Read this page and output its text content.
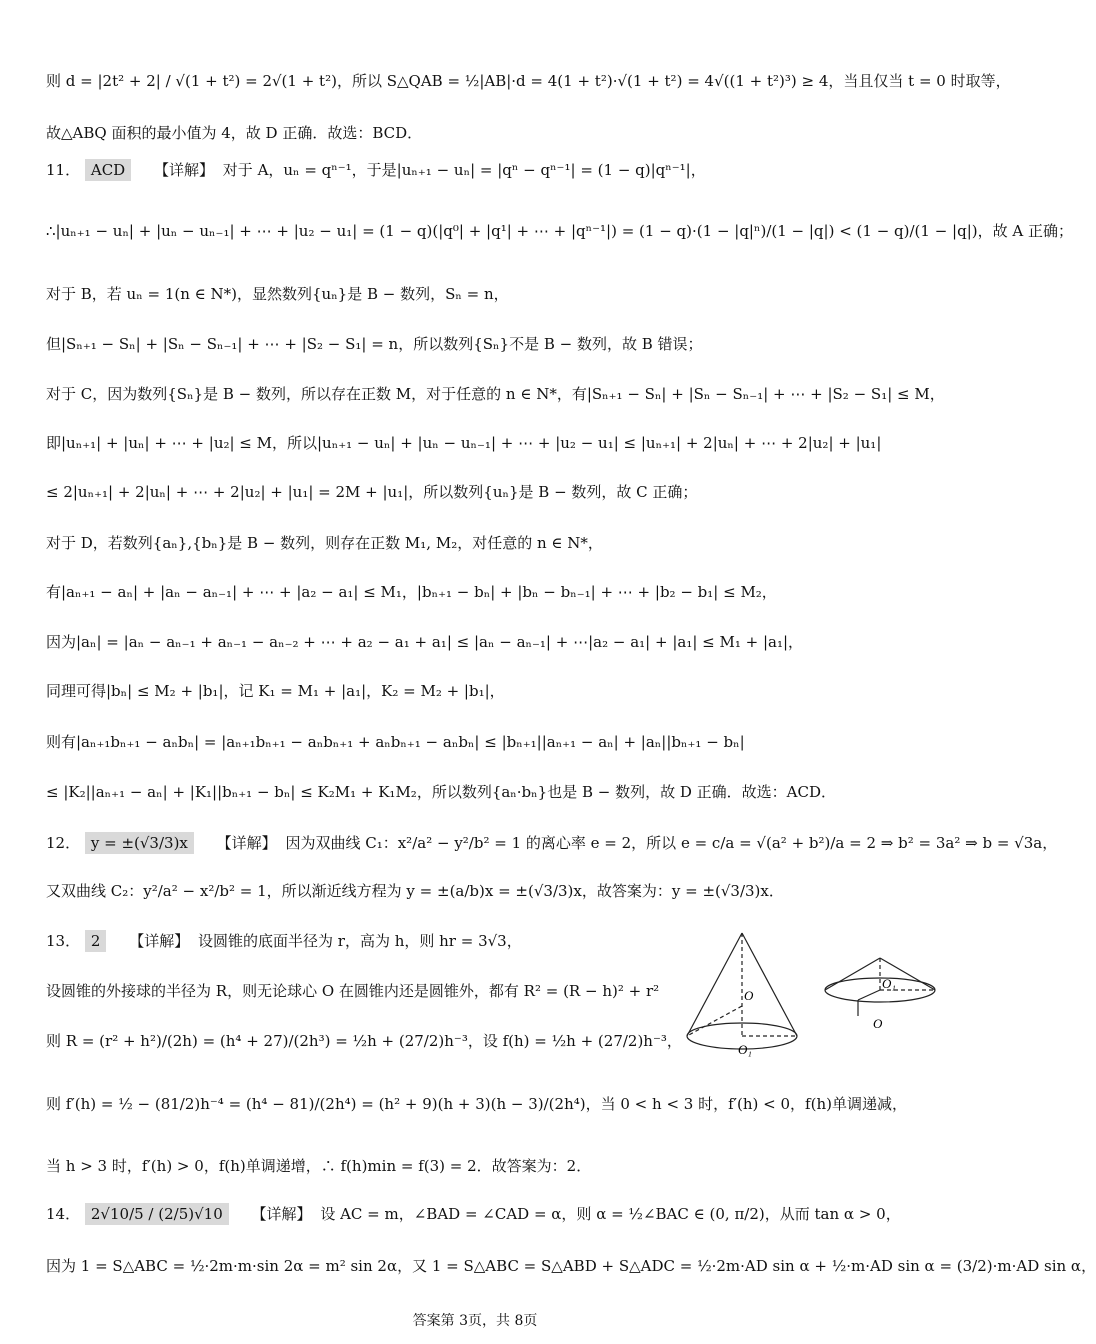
则 d = |2t² + 2| / √(1 + t²) = 2√(1 + t²)，所以 S△QAB = ½|AB|·d = 4(1 + t²)·√(1 + t²) = 4√((1 + t²)³) ≥ 4，当且仅当 t = 0 时取等，
故△ABQ 面积的最小值为 4，故 D 正确．故选：BCD．
11． ACD 【详解】 对于 A，uₙ = qⁿ⁻¹，于是|uₙ₊₁ − uₙ| = |qⁿ − qⁿ⁻¹| = (1 − q)|qⁿ⁻¹|，
∴|uₙ₊₁ − uₙ| + |uₙ − uₙ₋₁| + ⋯ + |u₂ − u₁| = (1 − q)(|q⁰| + |q¹| + ⋯ + |qⁿ⁻¹|) = (1 − q)·(1 − |q|ⁿ)/(1 − |q|) < (1 − q)/(1 − |q|)，故 A 正确；
对于 B，若 uₙ = 1(n ∈ N*)，显然数列{uₙ}是 B − 数列，Sₙ = n，
但|Sₙ₊₁ − Sₙ| + |Sₙ − Sₙ₋₁| + ⋯ + |S₂ − S₁| = n，所以数列{Sₙ}不是 B − 数列，故 B 错误；
对于 C，因为数列{Sₙ}是 B − 数列，所以存在正数 M，对于任意的 n ∈ N*，有|Sₙ₊₁ − Sₙ| + |Sₙ − Sₙ₋₁| + ⋯ + |S₂ − S₁| ≤ M，
即|uₙ₊₁| + |uₙ| + ⋯ + |u₂| ≤ M，所以|uₙ₊₁ − uₙ| + |uₙ − uₙ₋₁| + ⋯ + |u₂ − u₁| ≤ |uₙ₊₁| + 2|uₙ| + ⋯ + 2|u₂| + |u₁|
≤ 2|uₙ₊₁| + 2|uₙ| + ⋯ + 2|u₂| + |u₁| = 2M + |u₁|，所以数列{uₙ}是 B − 数列，故 C 正确；
对于 D，若数列{aₙ},{bₙ}是 B − 数列，则存在正数 M₁, M₂，对任意的 n ∈ N*，
有|aₙ₊₁ − aₙ| + |aₙ − aₙ₋₁| + ⋯ + |a₂ − a₁| ≤ M₁，|bₙ₊₁ − bₙ| + |bₙ − bₙ₋₁| + ⋯ + |b₂ − b₁| ≤ M₂，
因为|aₙ| = |aₙ − aₙ₋₁ + aₙ₋₁ − aₙ₋₂ + ⋯ + a₂ − a₁ + a₁| ≤ |aₙ − aₙ₋₁| + ⋯|a₂ − a₁| + |a₁| ≤ M₁ + |a₁|，
同理可得|bₙ| ≤ M₂ + |b₁|，记 K₁ = M₁ + |a₁|，K₂ = M₂ + |b₁|，
则有|aₙ₊₁bₙ₊₁ − aₙbₙ| = |aₙ₊₁bₙ₊₁ − aₙbₙ₊₁ + aₙbₙ₊₁ − aₙbₙ| ≤ |bₙ₊₁||aₙ₊₁ − aₙ| + |aₙ||bₙ₊₁ − bₙ|
≤ |K₂||aₙ₊₁ − aₙ| + |K₁||bₙ₊₁ − bₙ| ≤ K₂M₁ + K₁M₂，所以数列{aₙ·bₙ}也是 B − 数列，故 D 正确．故选：ACD．
12． y = ±(√3/3)x 【详解】 因为双曲线 C₁：x²/a² − y²/b² = 1 的离心率 e = 2，所以 e = c/a = √(a² + b²)/a = 2 ⇒ b² = 3a² ⇒ b = √3a，
又双曲线 C₂：y²/a² − x²/b² = 1，所以渐近线方程为 y = ±(a/b)x = ±(√3/3)x，故答案为：y = ±(√3/3)x．
13． 2 【详解】 设圆锥的底面半径为 r，高为 h，则 hr = 3√3，
设圆锥的外接球的半径为 R，则无论球心 O 在圆锥内还是圆锥外，都有 R² = (R − h)² + r²
则 R = (r² + h²)/(2h) = (h⁴ + 27)/(2h³) = ½h + (27/2)h⁻³，设 f(h) = ½h + (27/2)h⁻³，
则 f′(h) = ½ − (81/2)h⁻⁴ = (h⁴ − 81)/(2h⁴) = (h² + 9)(h + 3)(h − 3)/(2h⁴)，当 0 < h < 3 时，f′(h) < 0，f(h)单调递减，
当 h > 3 时，f′(h) > 0，f(h)单调递增，∴ f(h)min = f(3) = 2．故答案为：2．
14． 2√10/5 / (2/5)√10 【详解】 设 AC = m，∠BAD = ∠CAD = α，则 α = ½∠BAC ∈ (0, π/2)，从而 tan α > 0，
因为 1 = S△ABC = ½·2m·m·sin 2α = m² sin 2α，又 1 = S△ABC = S△ABD + S△ADC = ½·2m·AD sin α + ½·m·AD sin α = (3/2)·m·AD sin α，
O
O₁
O₁
O
答案第 3页，共 8页
